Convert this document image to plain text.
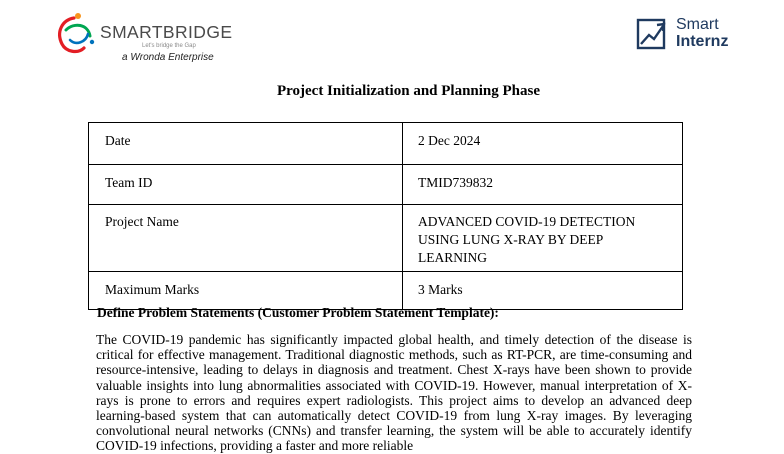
SMARTBRIDGE
Let's bridge the Gap
a Wronda Enterprise
Smart
Internz
Project Initialization and Planning Phase
Date	2 Dec 2024
Team ID	TMID739832
Project Name	ADVANCED COVID-19 DETECTION USING LUNG X-RAY BY DEEP LEARNING
Maximum Marks	3 Marks
Define Problem Statements (Customer Problem Statement Template):

The COVID-19 pandemic has significantly impacted global health, and timely detection of the disease is critical for effective management. Traditional diagnostic methods, such as RT-PCR, are time-consuming and resource-intensive, leading to delays in diagnosis and treatment. Chest X-rays have been shown to provide valuable insights into lung abnormalities associated with COVID-19. However, manual interpretation of X-rays is prone to errors and requires expert radiologists. This project aims to develop an advanced deep learning-based system that can automatically detect COVID-19 from lung X-ray images. By leveraging convolutional neural networks (CNNs) and transfer learning, the system will be able to accurately identify COVID-19 infections, providing a faster and more reliable
